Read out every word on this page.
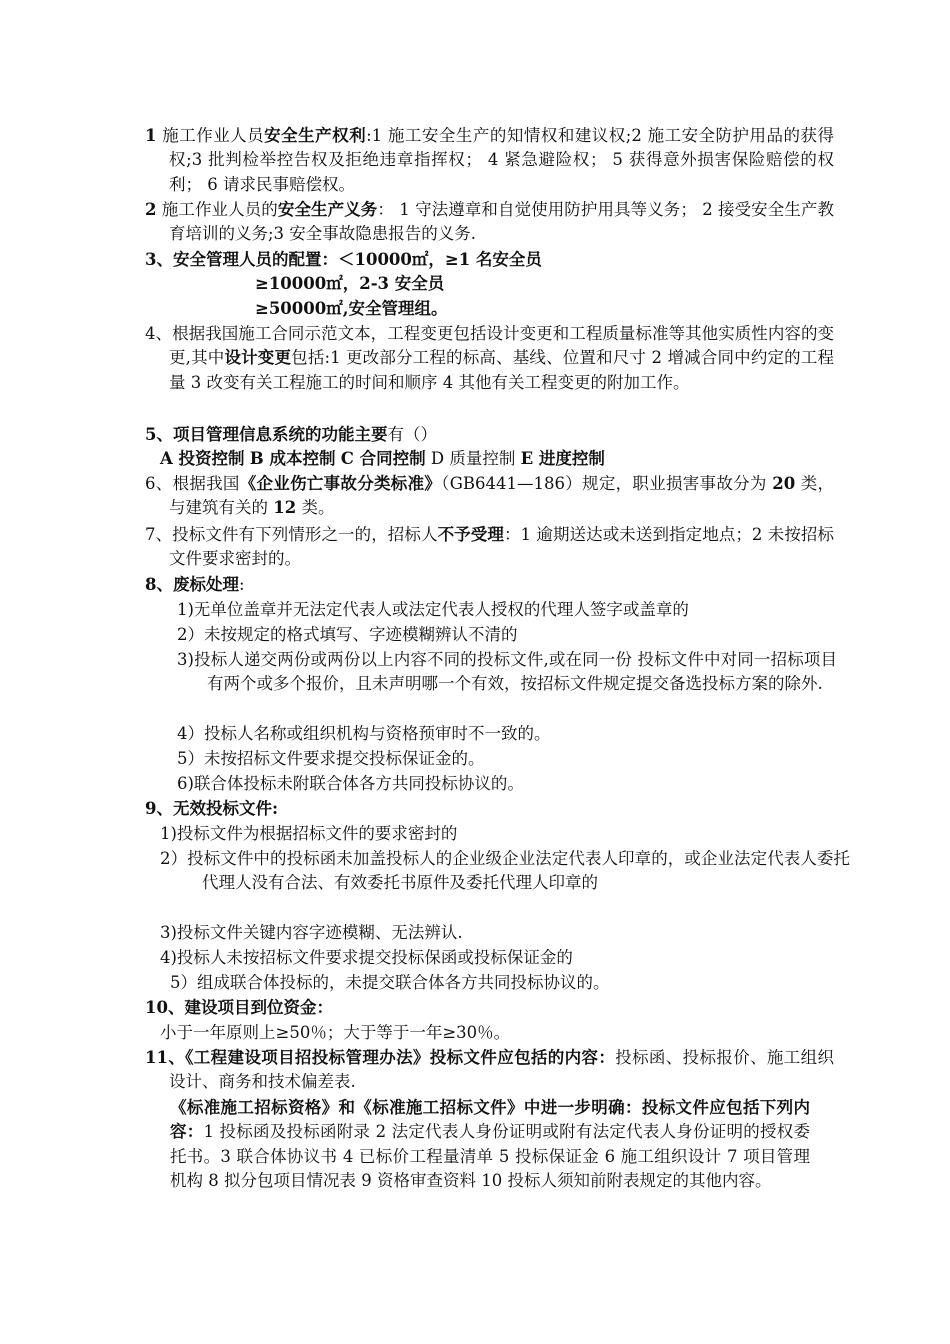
1 施工作业人员安全生产权利:1 施工安全生产的知情权和建议权;2 施工安全防护用品的获得权;3 批判检举控告权及拒绝违章指挥权； 4 紧急避险权； 5 获得意外损害保险赔偿的权利； 6 请求民事赔偿权。

2 施工作业人员的安全生产义务： 1 守法遵章和自觉使用防护用具等义务； 2 接受安全生产教育培训的义务;3 安全事故隐患报告的义务.

3、安全管理人员的配置：＜10000㎡，≥1 名安全员

≥10000㎡，2-3 安全员

≥50000㎡,安全管理组。

4、根据我国施工合同示范文本，工程变更包括设计变更和工程质量标准等其他实质性内容的变更,其中设计变更包括:1 更改部分工程的标高、基线、位置和尺寸 2 增减合同中约定的工程量 3 改变有关工程施工的时间和顺序 4 其他有关工程变更的附加工作。

5、项目管理信息系统的功能主要有（）

A 投资控制 B 成本控制 C 合同控制 D 质量控制 E 进度控制

6、根据我国《企业伤亡事故分类标准》（GB6441—186）规定，职业损害事故分为 20 类，与建筑有关的 12 类。

7、投标文件有下列情形之一的，招标人不予受理：1 逾期送达或未送到指定地点；2 未按招标文件要求密封的。

8、废标处理:

1)无单位盖章并无法定代表人或法定代表人授权的代理人签字或盖章的

2）未按规定的格式填写、字迹模糊辨认不清的

3)投标人递交两份或两份以上内容不同的投标文件,或在同一份 投标文件中对同一招标项目有两个或多个报价，且未声明哪一个有效，按招标文件规定提交备选投标方案的除外.

4）投标人名称或组织机构与资格预审时不一致的。

5）未按招标文件要求提交投标保证金的。

6)联合体投标未附联合体各方共同投标协议的。

9、无效投标文件:

1)投标文件为根据招标文件的要求密封的

2）投标文件中的投标函未加盖投标人的企业级企业法定代表人印章的，或企业法定代表人委托代理人没有合法、有效委托书原件及委托代理人印章的

3)投标文件关键内容字迹模糊、无法辨认.

4)投标人未按招标文件要求提交投标保函或投标保证金的

5）组成联合体投标的，未提交联合体各方共同投标协议的。

10、建设项目到位资金：

小于一年原则上≥50％；大于等于一年≥30％。

11、《工程建设项目招投标管理办法》投标文件应包括的内容：投标函、投标报价、施工组织设计、商务和技术偏差表.

《标准施工招标资格》和《标准施工招标文件》中进一步明确：投标文件应包括下列内容：1 投标函及投标函附录 2 法定代表人身份证明或附有法定代表人身份证明的授权委托书。3 联合体协议书 4 已标价工程量清单 5 投标保证金 6 施工组织设计 7 项目管理机构 8 拟分包项目情况表 9 资格审查资料 10 投标人须知前附表规定的其他内容。
